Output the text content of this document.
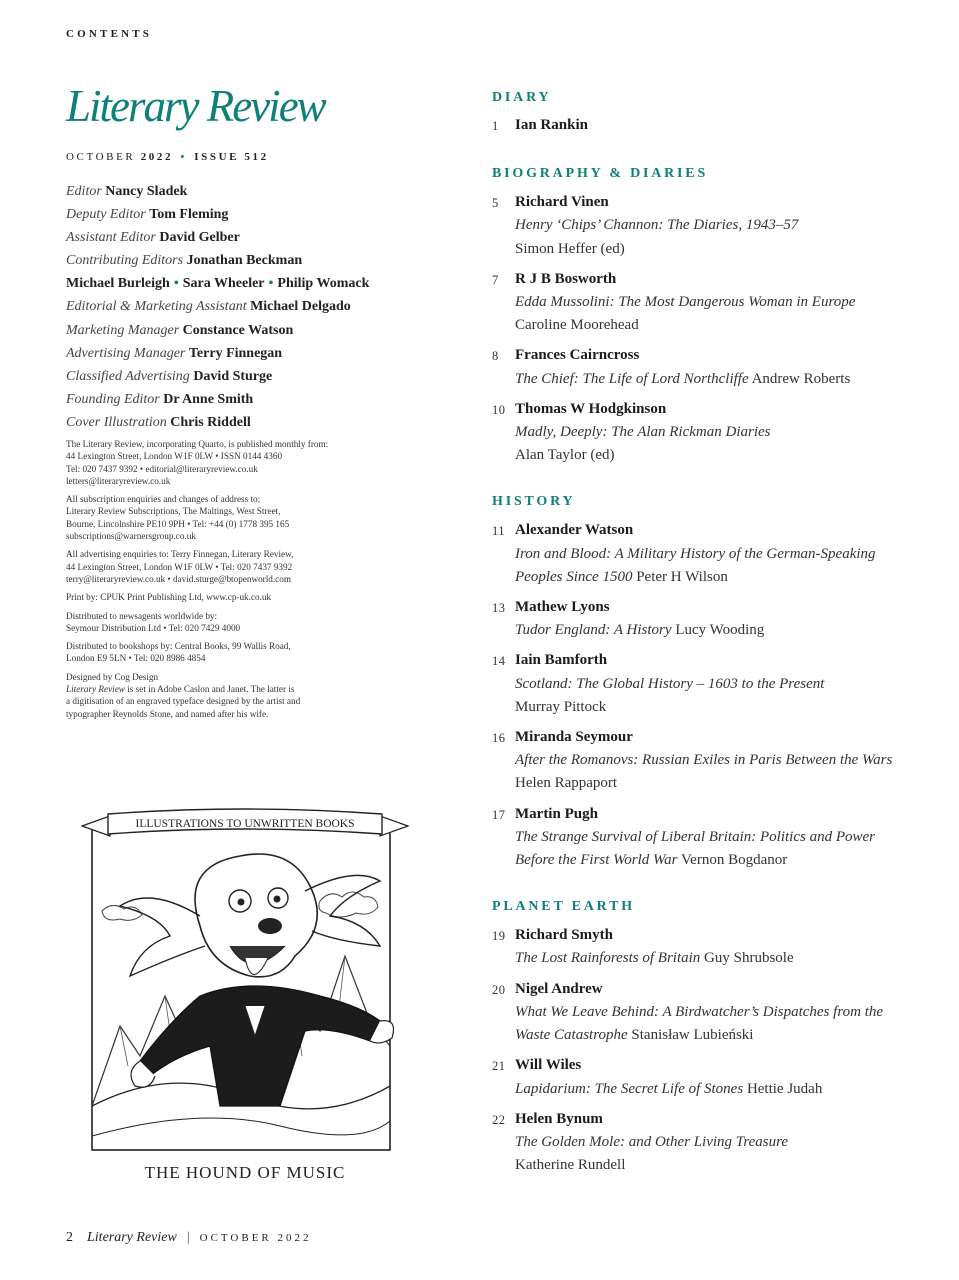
CONTENTS
Literary Review
OCTOBER 2022 • ISSUE 512
Editor Nancy Sladek
Deputy Editor Tom Fleming
Assistant Editor David Gelber
Contributing Editors Jonathan Beckman
Michael Burleigh • Sara Wheeler • Philip Womack
Editorial & Marketing Assistant Michael Delgado
Marketing Manager Constance Watson
Advertising Manager Terry Finnegan
Classified Advertising David Sturge
Founding Editor Dr Anne Smith
Cover Illustration Chris Riddell

The Literary Review, incorporating Quarto, is published monthly from:
44 Lexington Street, London W1F 0LW • ISSN 0144 4360
Tel: 020 7437 9392 • editorial@literaryreview.co.uk
letters@literaryreview.co.uk

All subscription enquiries and changes of address to:
Literary Review Subscriptions, The Maltings, West Street,
Bourne, Lincolnshire PE10 9PH • Tel: +44 (0) 1778 395 165
subscriptions@warnersgroup.co.uk

All advertising enquiries to: Terry Finnegan, Literary Review,
44 Lexington Street, London W1F 0LW • Tel: 020 7437 9392
terry@literaryreview.co.uk • david.sturge@btopenworld.com

Print by: CPUK Print Publishing Ltd, www.cp-uk.co.uk

Distributed to newsagents worldwide by:
Seymour Distribution Ltd • Tel: 020 7429 4000

Distributed to bookshops by: Central Books, 99 Wallis Road,
London E9 5LN • Tel: 020 8986 4854

Designed by Cog Design
Literary Review is set in Adobe Caslon and Janet. The latter is
a digitisation of an engraved typeface designed by the artist and
typographer Reynolds Stone, and named after his wife.

ILLUSTRATIONS TO UNWRITTEN BOOKS
THE HOUND OF MUSIC
DIARY
1 Ian Rankin
BIOGRAPHY & DIARIES
5 Richard Vinen
Henry ‘Chips’ Channon: The Diaries, 1943–57
Simon Heffer (ed)
7 R J B Bosworth
Edda Mussolini: The Most Dangerous Woman in Europe
Caroline Moorehead
8 Frances Cairncross
The Chief: The Life of Lord Northcliffe Andrew Roberts
10 Thomas W Hodgkinson
Madly, Deeply: The Alan Rickman Diaries
Alan Taylor (ed)
HISTORY
11 Alexander Watson
Iron and Blood: A Military History of the German-Speaking Peoples Since 1500 Peter H Wilson
13 Mathew Lyons
Tudor England: A History Lucy Wooding
14 Iain Bamforth
Scotland: The Global History – 1603 to the Present
Murray Pittock
16 Miranda Seymour
After the Romanovs: Russian Exiles in Paris Between the Wars Helen Rappaport
17 Martin Pugh
The Strange Survival of Liberal Britain: Politics and Power Before the First World War Vernon Bogdanor
PLANET EARTH
19 Richard Smyth
The Lost Rainforests of Britain Guy Shrubsole
20 Nigel Andrew
What We Leave Behind: A Birdwatcher’s Dispatches from the Waste Catastrophe Stanisław Lubieński
21 Will Wiles
Lapidarium: The Secret Life of Stones Hettie Judah
22 Helen Bynum
The Golden Mole: and Other Living Treasure
Katherine Rundell
2 Literary Review | OCTOBER 2022
